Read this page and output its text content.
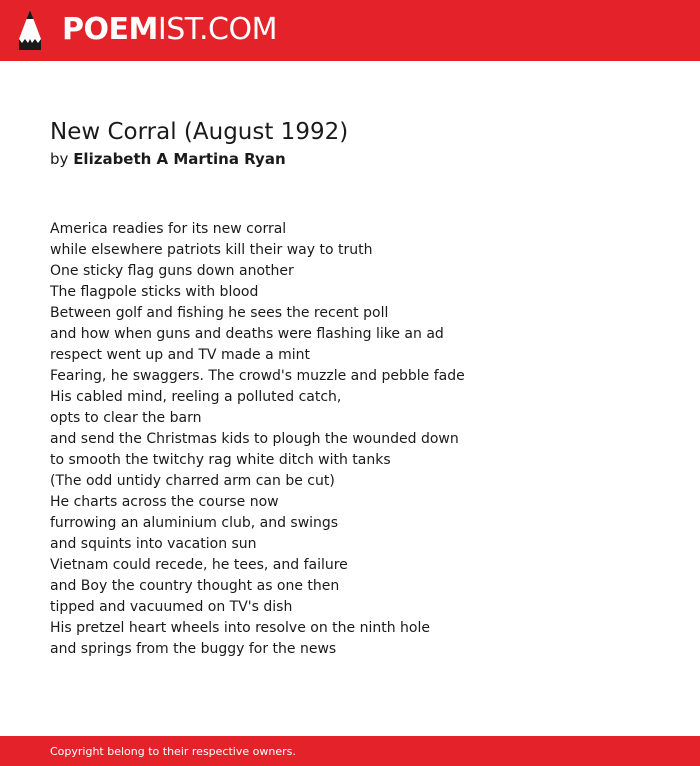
POEMIST.COM
New Corral (August 1992)
by Elizabeth A Martina Ryan
America readies for its new corral
while elsewhere patriots kill their way to truth
One sticky flag guns down another
The flagpole sticks with blood
Between golf and fishing he sees the recent poll
and how when guns and deaths were flashing like an ad
respect went up and TV made a mint
Fearing, he swaggers. The crowd's muzzle and pebble fade
His cabled mind, reeling a polluted catch,
opts to clear the barn
and send the Christmas kids to plough the wounded down
to smooth the twitchy rag white ditch with tanks
(The odd untidy charred arm can be cut)
He charts across the course now
furrowing an aluminium club, and swings
and squints into vacation sun
Vietnam could recede, he tees, and failure
and Boy the country thought as one then
tipped and vacuumed on TV's dish
His pretzel heart wheels into resolve on the ninth hole
and springs from the buggy for the news
Copyright belong to their respective owners.
